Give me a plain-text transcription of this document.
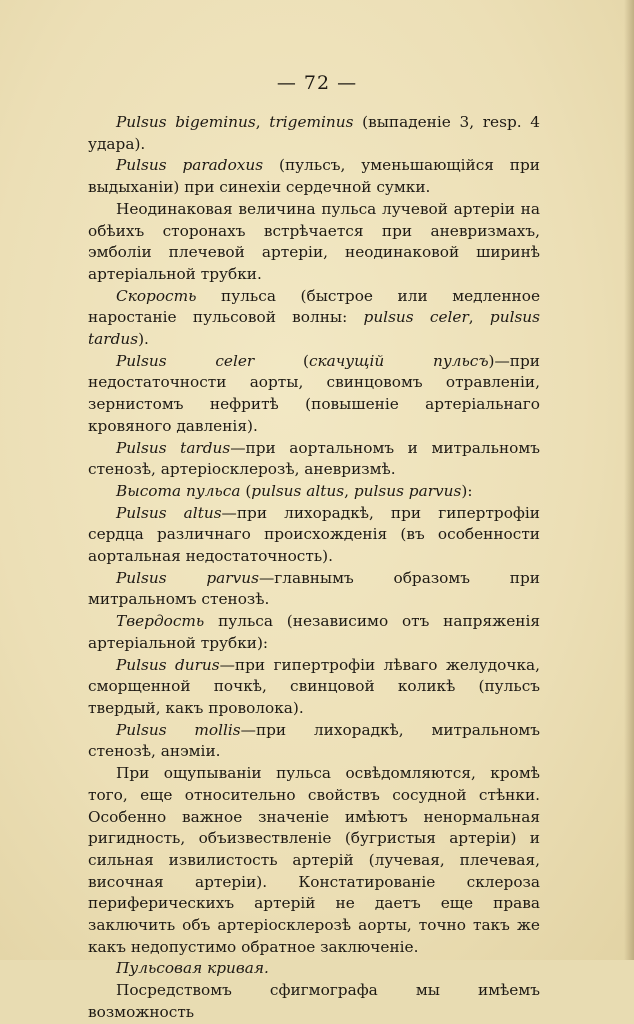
— 72 —

Pulsus bigeminus, trigeminus (выпаденіе 3, resp. 4 удара).

Pulsus paradoxus (пульсъ, уменьшающійся при выдыханіи) при синехіи сердечной сумки.

Неодинаковая величина пульса лучевой артеріи на обѣихъ сторонахъ встрѣчается при аневризмахъ, эмболіи плечевой артеріи, неодинаковой ширинѣ артеріальной трубки.

Скорость пульса (быстрое или медленное наростаніе пульсовой волны: pulsus celer, pulsus tardus).

Pulsus celer (скачущій пульсъ)—при недостаточности аорты, свинцовомъ отравленіи, зернистомъ нефритѣ (повышеніе артеріальнаго кровяного давленія).

Pulsus tardus—при аортальномъ и митральномъ стенозѣ, артеріосклерозѣ, аневризмѣ.

Высота пульса (pulsus altus, pulsus parvus):

Pulsus altus—при лихорадкѣ, при гипертрофіи сердца различнаго происхожденія (въ особенности аортальная недостаточность).

Pulsus parvus—главнымъ образомъ при митральномъ стенозѣ.

Твердость пульса (независимо отъ напряженія артеріальной трубки):

Pulsus durus—при гипертрофіи лѣваго желудочка, сморщенной почкѣ, свинцовой коликѣ (пульсъ твердый, какъ проволока).

Pulsus mollis—при лихорадкѣ, митральномъ стенозѣ, анэміи.

При ощупываніи пульса освѣдомляются, кромѣ того, еще относительно свойствъ сосудной стѣнки. Особенно важное значеніе имѣютъ ненормальная ригидность, объизвествленіе (бугристыя артеріи) и сильная извилистость артерій (лучевая, плечевая, височная артеріи). Констатированіе склероза периферическихъ артерій не даетъ еще права заключить объ артеріосклерозѣ аорты, точно такъ же какъ недопустимо обратное заключеніе.

Пульсовая кривая.

Посредствомъ сфигмографа мы имѣемъ возможность
